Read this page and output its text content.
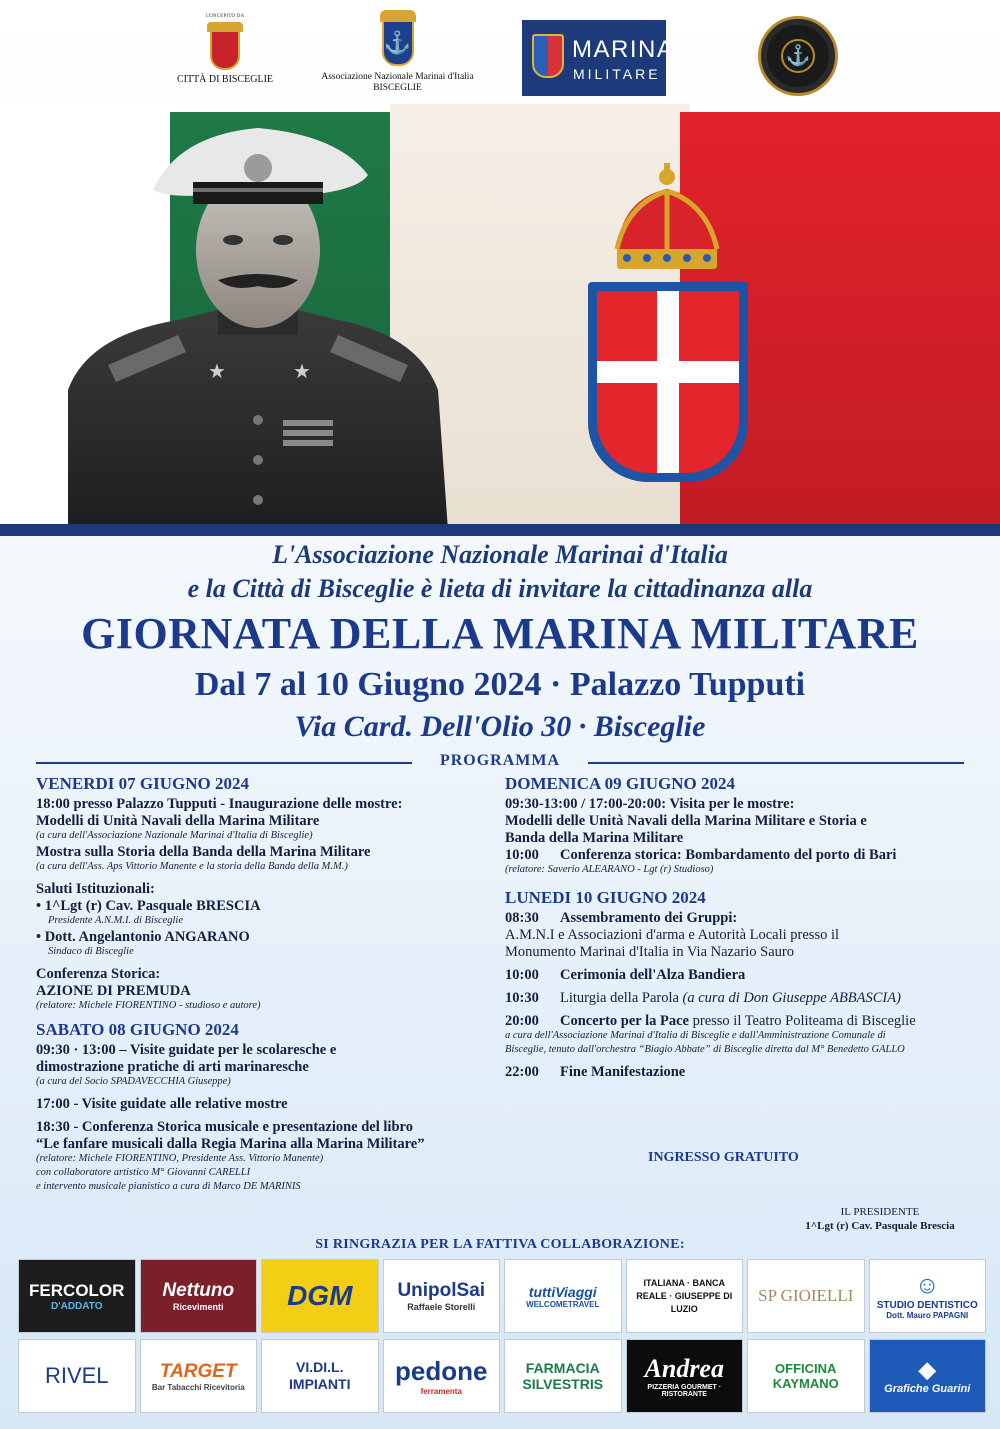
CONCEPITO DA
CITTÀ DI BISCEGLIE
⚓
Associazione Nazionale Marinai d'Italia
BISCEGLIE
MARINA
MILITARE
⚓
★	★
L'Associazione Nazionale Marinai d'Italia
e la Città di Bisceglie è lieta di invitare la cittadinanza alla
GIORNATA DELLA MARINA MILITARE
Dal 7 al 10 Giugno 2024 · Palazzo Tupputi
Via Card. Dell'Olio 30 · Bisceglie
PROGRAMMA
VENERDI 07 GIUGNO 2024
18:00 presso Palazzo Tupputi - Inaugurazione delle mostre:
Modelli di Unità Navali della Marina Militare
(a cura dell'Associazione Nazionale Marinai d'Italia di Bisceglie)
Mostra sulla Storia della Banda della Marina Militare
(a cura dell'Ass. Aps Vittorio Manente e la storia della Banda della M.M.)
Saluti Istituzionali:
• 1^Lgt (r) Cav. Pasquale BRESCIA
Presidente A.N.M.I. di Bisceglie
• Dott. Angelantonio ANGARANO
Sindaco di Bisceglie
Conferenza Storica:
AZIONE DI PREMUDA
(relatore: Michele FIORENTINO - studioso e autore)
SABATO 08 GIUGNO 2024
09:30 · 13:00 – Visite guidate per le scolaresche e
dimostrazione pratiche di arti marinaresche
(a cura del Socio SPADAVECCHIA Giuseppe)
17:00 - Visite guidate alle relative mostre
18:30 - Conferenza Storica musicale e presentazione del libro
“Le fanfare musicali dalla Regia Marina alla Marina Militare”
(relatore: Michele FIORENTINO, Presidente Ass. Vittorio Manente)
con collaboratore artistico M° Giovanni CARELLI
e intervento musicale pianistico a cura di Marco DE MARINIS
DOMENICA 09 GIUGNO 2024
09:30-13:00 / 17:00-20:00: Visita per le mostre:
Modelli delle Unità Navali della Marina Militare e Storia e
Banda della Marina Militare
10:00	Conferenza storica: Bombardamento del porto di Bari
(relatore: Saverio ALEARANO - Lgt (r) Studioso)
LUNEDI 10 GIUGNO 2024
08:30	Assembramento dei Gruppi:
A.M.N.I e Associazioni d'arma e Autorità Locali presso il
Monumento Marinai d'Italia in Via Nazario Sauro
10:00	Cerimonia dell'Alza Bandiera
10:30	Liturgia della Parola (a cura di Don Giuseppe ABBASCIA)
20:00	Concerto per la Pace presso il Teatro Politeama di Bisceglie
a cura dell'Associazione Marinai d'Italia di Bisceglie e dall'Amministrazione Comunale di
Bisceglie, tenuto dall'orchestra “Biagio Abbate” di Bisceglie diretta dal M° Benedetto GALLO
22:00	Fine Manifestazione
INGRESSO GRATUITO
IL PRESIDENTE
1^Lgt (r) Cav. Pasquale Brescia
SI RINGRAZIA PER LA FATTIVA COLLABORAZIONE:
FERCOLOR
D'ADDATO
Nettuno
Ricevimenti	DGM UnipolSai
Raffaele Storelli
tuttiViaggi
WELCOMETRAVEL
ITALIANA · BANCA REALE · GIUSEPPE DI LUZIO
SP GIOIELLI	☺
STUDIO DENTISTICO
Dott. Mauro PAPAGNI
RIVEL	TARGET
Bar Tabacchi Ricevitoria
VI.DI.L. IMPIANTI	pedone
ferramenta
FARMACIA SILVESTRIS
Andrea
PIZZERIA GOURMET · RISTORANTE
OFFICINA KAYMANO
◆
Grafiche Guarini
